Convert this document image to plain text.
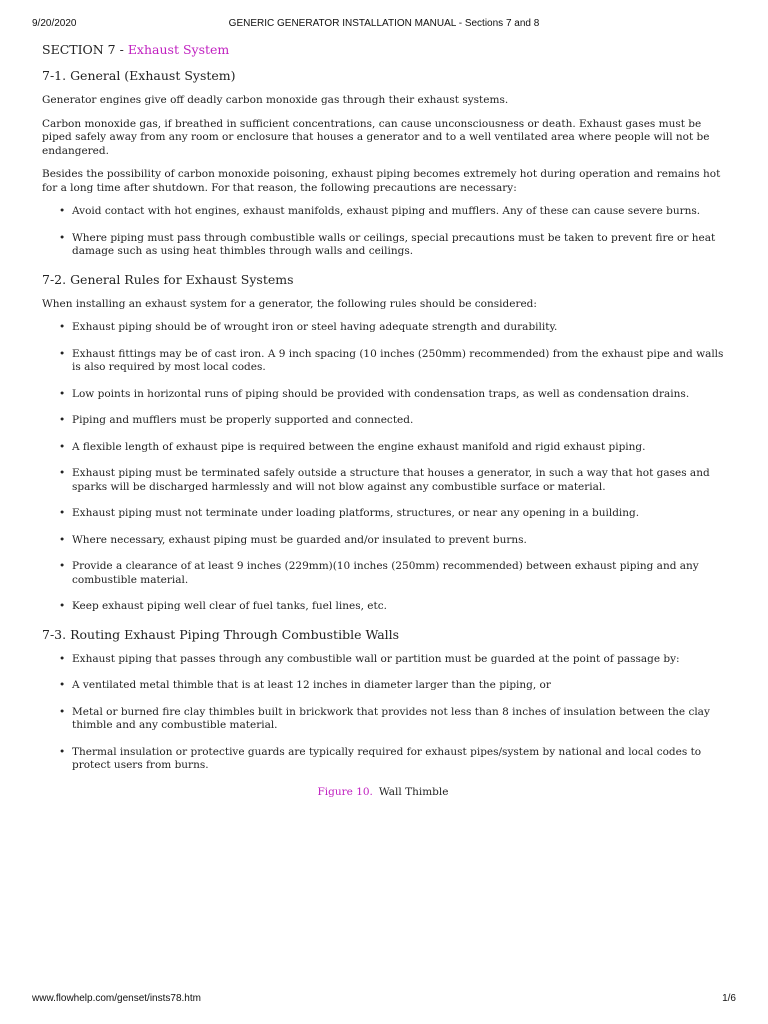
9/20/2020	GENERIC GENERATOR INSTALLATION MANUAL - Sections 7 and 8
SECTION 7 - Exhaust System
7-1. General (Exhaust System)

Generator engines give off deadly carbon monoxide gas through their exhaust systems.

Carbon monoxide gas, if breathed in sufficient concentrations, can cause unconsciousness or death. Exhaust gases must be piped safely away from any room or enclosure that houses a generator and to a well ventilated area where people will not be endangered.

Besides the possibility of carbon monoxide poisoning, exhaust piping becomes extremely hot during operation and remains hot for a long time after shutdown. For that reason, the following precautions are necessary:

• Avoid contact with hot engines, exhaust manifolds, exhaust piping and mufflers. Any of these can cause severe burns.
• Where piping must pass through combustible walls or ceilings, special precautions must be taken to prevent fire or heat damage such as using heat thimbles through walls and ceilings.
7-2. General Rules for Exhaust Systems

When installing an exhaust system for a generator, the following rules should be considered:

• Exhaust piping should be of wrought iron or steel having adequate strength and durability.
• Exhaust fittings may be of cast iron. A 9 inch spacing (10 inches (250mm) recommended) from the exhaust pipe and walls is also required by most local codes.
• Low points in horizontal runs of piping should be provided with condensation traps, as well as condensation drains.
• Piping and mufflers must be properly supported and connected.
• A flexible length of exhaust pipe is required between the engine exhaust manifold and rigid exhaust piping.
• Exhaust piping must be terminated safely outside a structure that houses a generator, in such a way that hot gases and sparks will be discharged harmlessly and will not blow against any combustible surface or material.
• Exhaust piping must not terminate under loading platforms, structures, or near any opening in a building.
• Where necessary, exhaust piping must be guarded and/or insulated to prevent burns.
• Provide a clearance of at least 9 inches (229mm)(10 inches (250mm) recommended) between exhaust piping and any combustible material.
• Keep exhaust piping well clear of fuel tanks, fuel lines, etc.
7-3. Routing Exhaust Piping Through Combustible Walls
• Exhaust piping that passes through any combustible wall or partition must be guarded at the point of passage by:
• A ventilated metal thimble that is at least 12 inches in diameter larger than the piping, or
• Metal or burned fire clay thimbles built in brickwork that provides not less than 8 inches of insulation between the clay thimble and any combustible material.
• Thermal insulation or protective guards are typically required for exhaust pipes/system by national and local codes to protect users from burns.
Figure 10. Wall Thimble
www.flowhelp.com/genset/insts78.htm	1/6
